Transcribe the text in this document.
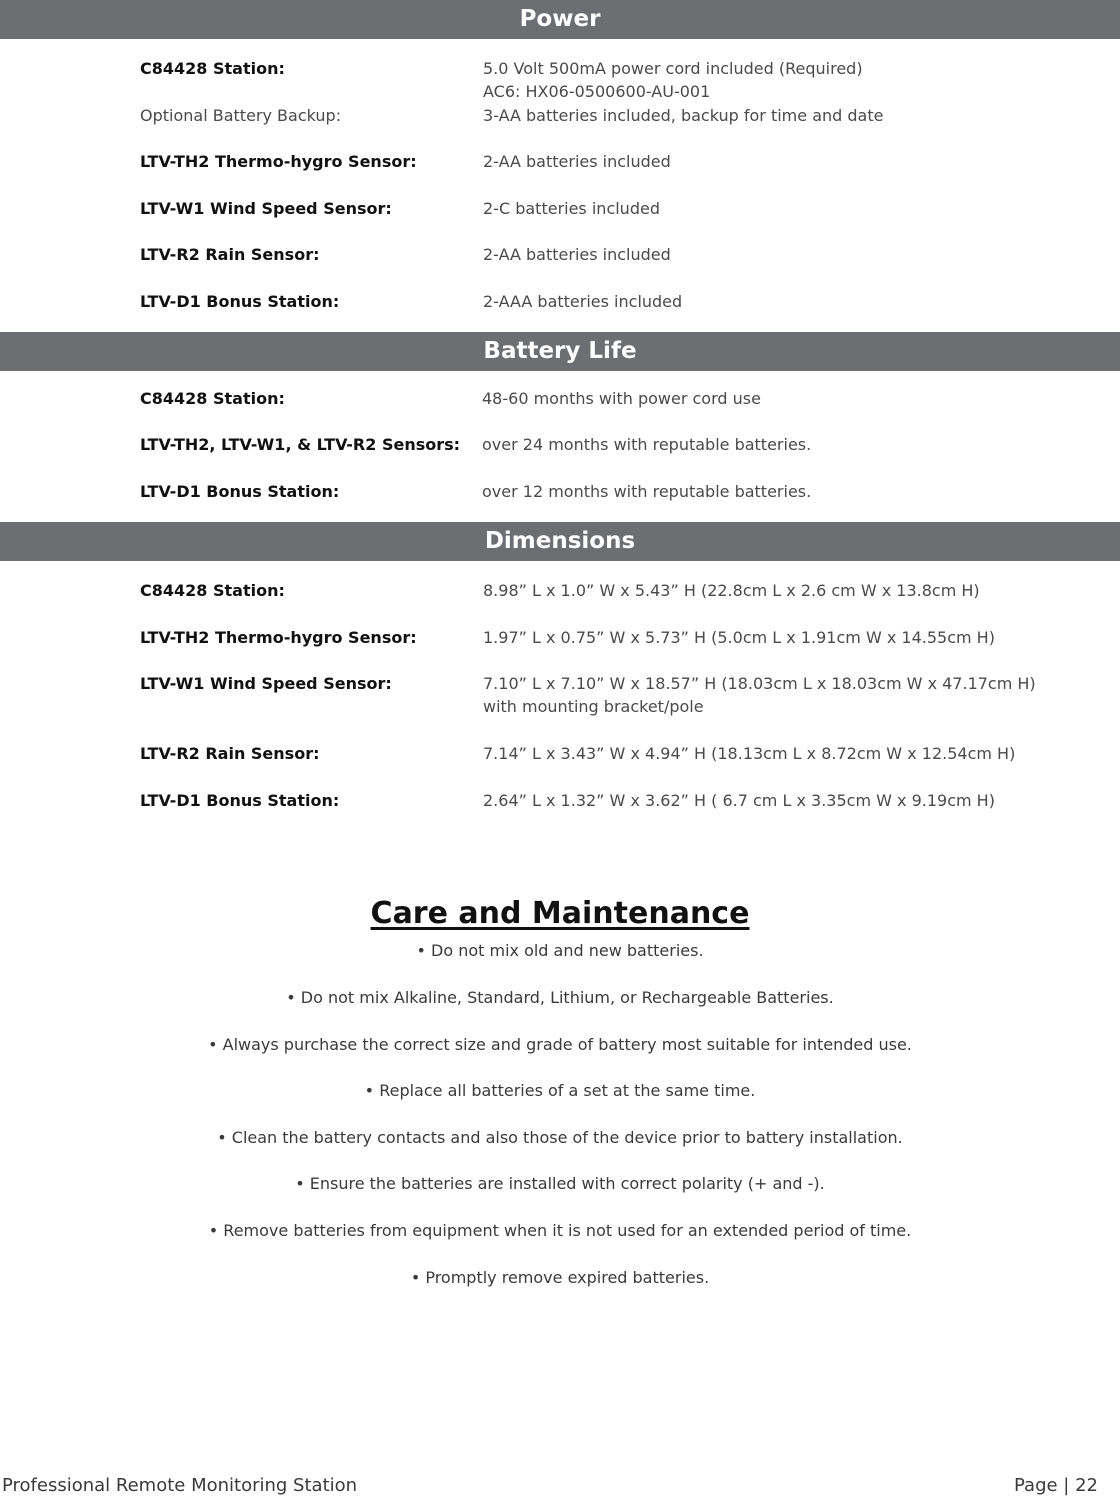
Power
C84428 Station:	5.0 Volt 500mA power cord included (Required)
AC6: HX06-0500600-AU-001
Optional Battery Backup:	3-AA batteries included, backup for time and date
LTV-TH2 Thermo-hygro Sensor:	2-AA batteries included
LTV-W1 Wind Speed Sensor:	2-C batteries included
LTV-R2 Rain Sensor:	2-AA batteries included
LTV-D1 Bonus Station:	2-AAA batteries included
Battery Life
C84428 Station:	48-60 months with power cord use
LTV-TH2, LTV-W1, & LTV-R2 Sensors: over 24 months with reputable batteries.
LTV-D1 Bonus Station:	over 12 months with reputable batteries.
Dimensions
C84428 Station:	8.98” L x 1.0” W x 5.43” H (22.8cm L x 2.6 cm W x 13.8cm H)
LTV-TH2 Thermo-hygro Sensor:	1.97” L x 0.75” W x 5.73” H (5.0cm L x 1.91cm W x 14.55cm H)
LTV-W1 Wind Speed Sensor:	7.10” L x 7.10” W x 18.57” H (18.03cm L x 18.03cm W x 47.17cm H)
with mounting bracket/pole
LTV-R2 Rain Sensor:	7.14” L x 3.43” W x 4.94” H (18.13cm L x 8.72cm W x 12.54cm H)
LTV-D1 Bonus Station:	2.64” L x 1.32” W x 3.62” H ( 6.7 cm L x 3.35cm W x 9.19cm H)
Care and Maintenance
• Do not mix old and new batteries.
• Do not mix Alkaline, Standard, Lithium, or Rechargeable Batteries.
• Always purchase the correct size and grade of battery most suitable for intended use.
• Replace all batteries of a set at the same time.
• Clean the battery contacts and also those of the device prior to battery installation.
• Ensure the batteries are installed with correct polarity (+ and -).
• Remove batteries from equipment when it is not used for an extended period of time.
• Promptly remove expired batteries.
Professional Remote Monitoring Station	Page | 22
